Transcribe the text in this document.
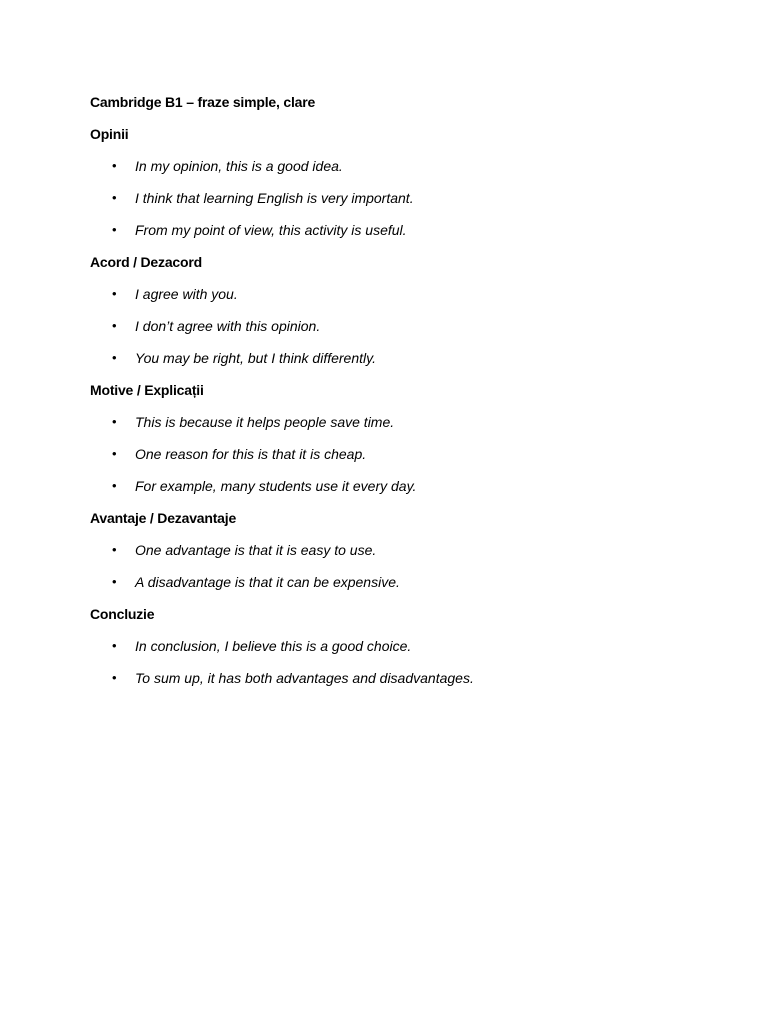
Cambridge B1 – fraze simple, clare
Opinii
• In my opinion, this is a good idea.
• I think that learning English is very important.
• From my point of view, this activity is useful.
Acord / Dezacord
• I agree with you.
• I don’t agree with this opinion.
• You may be right, but I think differently.
Motive / Explicații
• This is because it helps people save time.
• One reason for this is that it is cheap.
• For example, many students use it every day.
Avantaje / Dezavantaje
• One advantage is that it is easy to use.
• A disadvantage is that it can be expensive.
Concluzie
• In conclusion, I believe this is a good choice.
• To sum up, it has both advantages and disadvantages.
